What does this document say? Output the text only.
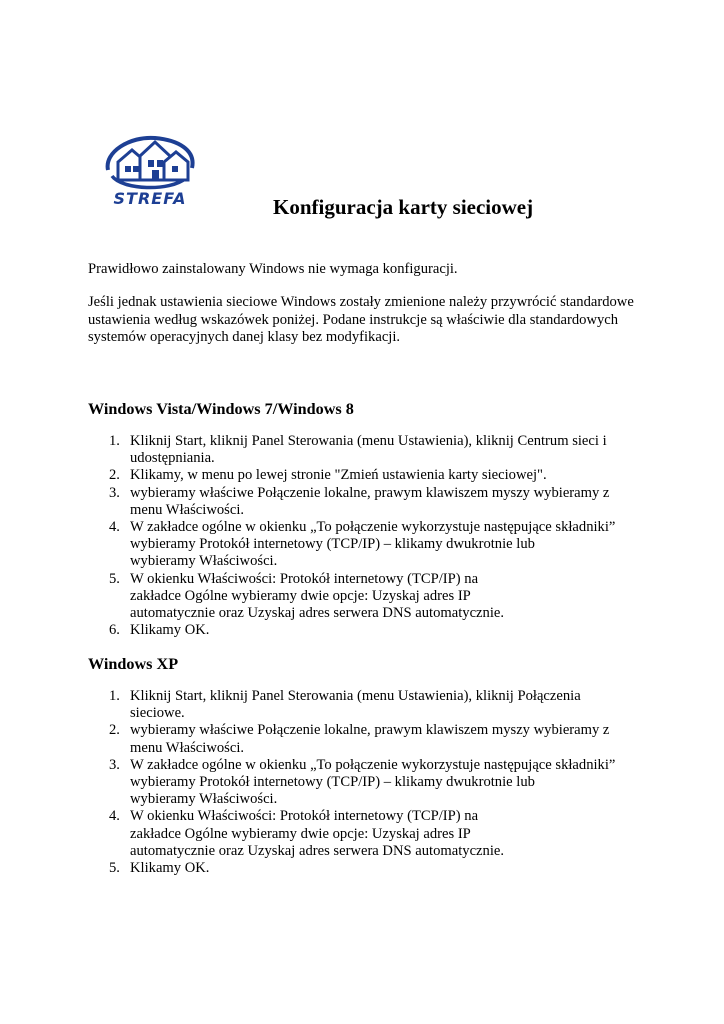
STREFA	Konfiguracja karty sieciowej

Prawidłowo zainstalowany Windows nie wymaga konfiguracji.

Jeśli jednak ustawienia sieciowe Windows zostały zmienione należy przywrócić standardowe ustawienia według wskazówek poniżej. Podane instrukcje są właściwie dla standardowych systemów operacyjnych danej klasy bez modyfikacji.

Windows Vista/Windows 7/Windows 8
1. Kliknij Start, kliknij Panel Sterowania (menu Ustawienia), kliknij Centrum sieci i
udostępniania.
2. Klikamy, w menu po lewej stronie "Zmień ustawienia karty sieciowej".
3. wybieramy właściwe Połączenie lokalne, prawym klawiszem myszy wybieramy z
menu Właściwości.
4. W zakładce ogólne w okienku „To połączenie wykorzystuje następujące składniki”
wybieramy Protokół internetowy (TCP/IP) – klikamy dwukrotnie lub
wybieramy Właściwości.
5. W okienku Właściwości: Protokół internetowy (TCP/IP) na
zakładce Ogólne wybieramy dwie opcje: Uzyskaj adres IP
automatycznie oraz Uzyskaj adres serwera DNS automatycznie.
6. Klikamy OK.
Windows XP
1. Kliknij Start, kliknij Panel Sterowania (menu Ustawienia), kliknij Połączenia
sieciowe.
2. wybieramy właściwe Połączenie lokalne, prawym klawiszem myszy wybieramy z
menu Właściwości.
3. W zakładce ogólne w okienku „To połączenie wykorzystuje następujące składniki”
wybieramy Protokół internetowy (TCP/IP) – klikamy dwukrotnie lub
wybieramy Właściwości.
4. W okienku Właściwości: Protokół internetowy (TCP/IP) na
zakładce Ogólne wybieramy dwie opcje: Uzyskaj adres IP
automatycznie oraz Uzyskaj adres serwera DNS automatycznie.
5. Klikamy OK.
